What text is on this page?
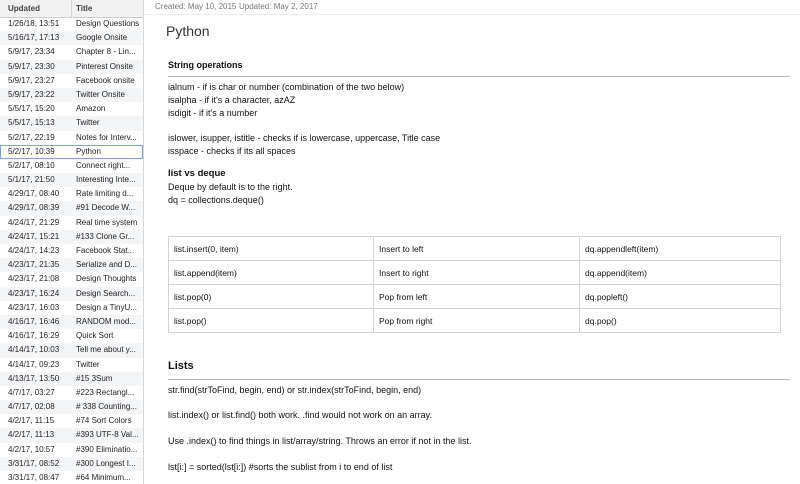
Updated	Title
1/26/18, 13:51 Design Questions
5/16/17, 17:13 Google Onsite
5/9/17, 23:34	Chapter 8 - Lin...
5/9/17, 23:30	Pinterest Onsite
5/9/17, 23:27	Facebook onsite
5/9/17, 23:22	Twitter Onsite
5/5/17, 15:20	Amazon
5/5/17, 15:13	Twitter
5/2/17, 22:19	Notes for Interv...
5/2/17, 10:39	Python
5/2/17, 08:10	Connect right...
5/1/17, 21:50	Interesting Inte...
4/29/17, 08:40 Rate limiting d...
4/29/17, 08:39 #91 Decode W...
4/24/17, 21:29 Real time system
4/24/17, 15:21 #133 Clone Gr...
4/24/17, 14:23 Facebook Stat...
4/23/17, 21:35 Serialize and D...
4/23/17, 21:08 Design Thoughts
4/23/17, 16:24 Design Search...
4/23/17, 16:03 Design a TinyU...
4/16/17, 16:46 RANDOM mod...
4/16/17, 16:29 Quick Sort
4/14/17, 10:03 Tell me about y...
4/14/17, 09:23 Twitter
4/13/17, 13:50 #15 3Sum
4/7/17, 03:27	#223 Rectangl...
4/7/17, 02:08	# 338 Counting...
4/2/17, 11:15	#74 Sort Colors
4/2/17, 11:13	#393 UTF-8 Val...
4/2/17, 10:57	#390 Eliminatio...
3/31/17, 08:52 #300 Longest I...
3/31/17, 08:47 #64 Minimum...
Created: May 10, 2015 Updated: May 2, 2017
Python
String operations
ialnum - if is char or number (combination of the two below)
isalpha - if it's a character, azAZ
isdigit - if it's a number
islower, isupper, istitle - checks if is lowercase, uppercase, Title case
isspace - checks if its all spaces
list vs deque
Deque by default is to the right.
dq = collections.deque()
Lists
str.find(strToFind, begin, end) or str.index(strToFind, begin, end)
list.index() or list.find() both work. .find would not work on an array.
Use .index() to find things in list/array/string. Throws an error if not in the list.
lst[i:] = sorted(lst[i:]) #sorts the sublist from i to end of list
list.insert(0, item)	Insert to left	dq.appendleft(item)
list.append(item)	Insert to right	dq.append(item)
list.pop(0)	Pop from left	dq.popleft()
list.pop()	Pop from right	dq.pop()
